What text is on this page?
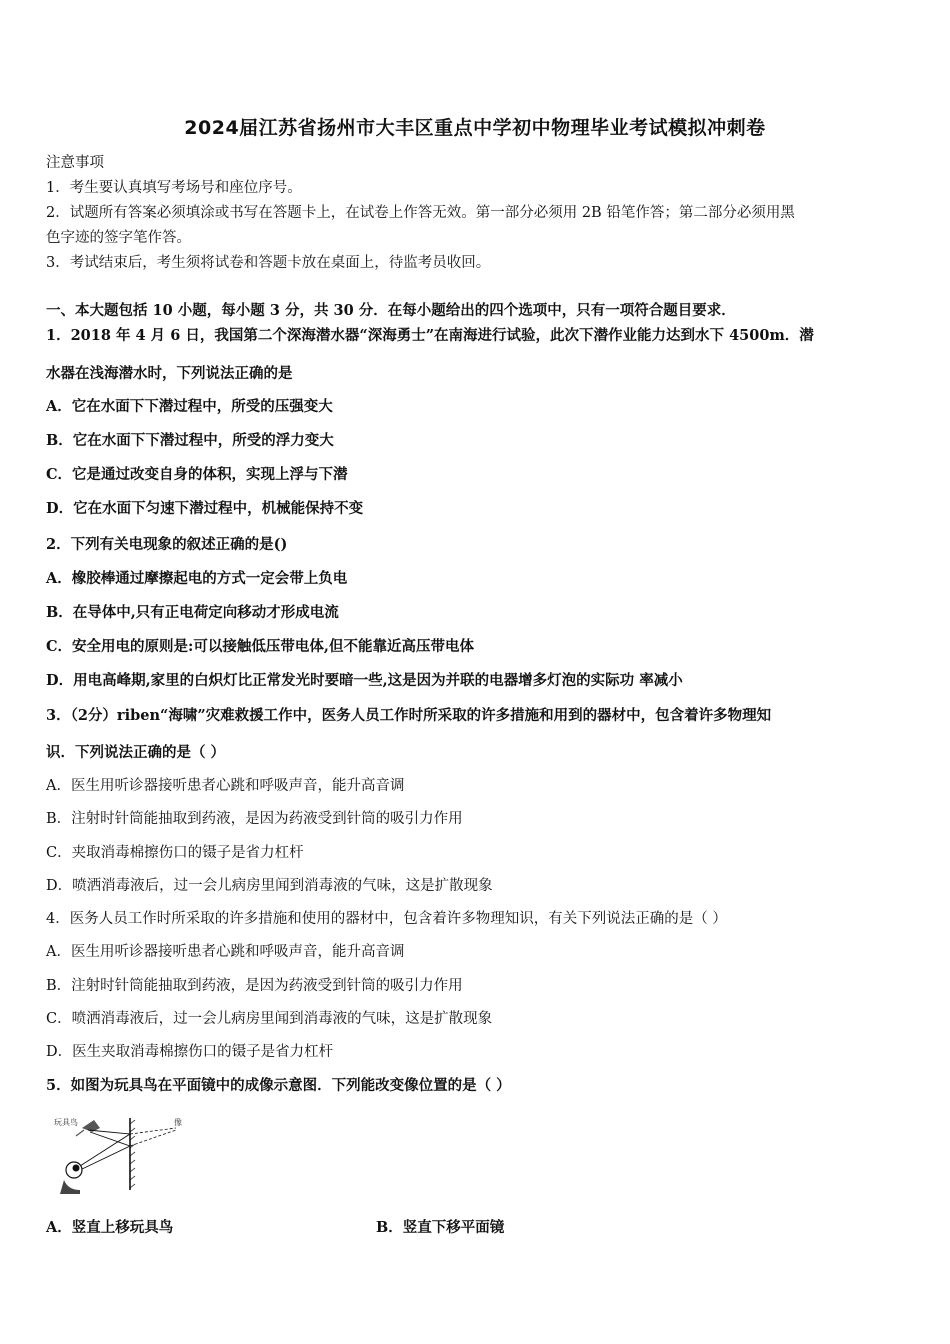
2024届江苏省扬州市大丰区重点中学初中物理毕业考试模拟冲刺卷
注意事项
1．考生要认真填写考场号和座位序号。
2．试题所有答案必须填涂或书写在答题卡上，在试卷上作答无效。第一部分必须用 2B 铅笔作答；第二部分必须用黑
色字迹的签字笔作答。
3．考试结束后，考生须将试卷和答题卡放在桌面上，待监考员收回。
一、本大题包括 10 小题，每小题 3 分，共 30 分．在每小题给出的四个选项中，只有一项符合题目要求．
1．2018 年 4 月 6 日，我国第二个深海潜水器“深海勇士”在南海进行试验，此次下潜作业能力达到水下 4500m．潜
水器在浅海潜水时，下列说法正确的是
A．它在水面下下潜过程中，所受的压强变大
B．它在水面下下潜过程中，所受的浮力变大
C．它是通过改变自身的体积，实现上浮与下潜
D．它在水面下匀速下潜过程中，机械能保持不变
2．下列有关电现象的叙述正确的是()
A．橡胶棒通过摩擦起电的方式一定会带上负电
B．在导体中,只有正电荷定向移动才形成电流
C．安全用电的原则是:可以接触低压带电体,但不能靠近高压带电体
D．用电高峰期,家里的白炽灯比正常发光时要暗一些,这是因为并联的电器增多灯泡的实际功 率减小
3．（2分）riben“海啸”灾难救援工作中，医务人员工作时所采取的许多措施和用到的器材中，包含着许多物理知
识．下列说法正确的是（ ）
A．医生用听诊器接听患者心跳和呼吸声音，能升高音调
B．注射时针筒能抽取到药液，是因为药液受到针筒的吸引力作用
C．夹取消毒棉擦伤口的镊子是省力杠杆
D．喷洒消毒液后，过一会儿病房里闻到消毒液的气味，这是扩散现象
4．医务人员工作时所采取的许多措施和使用的器材中，包含着许多物理知识，有关下列说法正确的是（ ）
A．医生用听诊器接听患者心跳和呼吸声音，能升高音调
B．注射时针筒能抽取到药液，是因为药液受到针筒的吸引力作用
C．喷洒消毒液后，过一会儿病房里闻到消毒液的气味，这是扩散现象
D．医生夹取消毒棉擦伤口的镊子是省力杠杆
5．如图为玩具鸟在平面镜中的成像示意图．下列能改变像位置的是（ ）
玩具鸟	像
A．竖直上移玩具鸟	B．竖直下移平面镜
